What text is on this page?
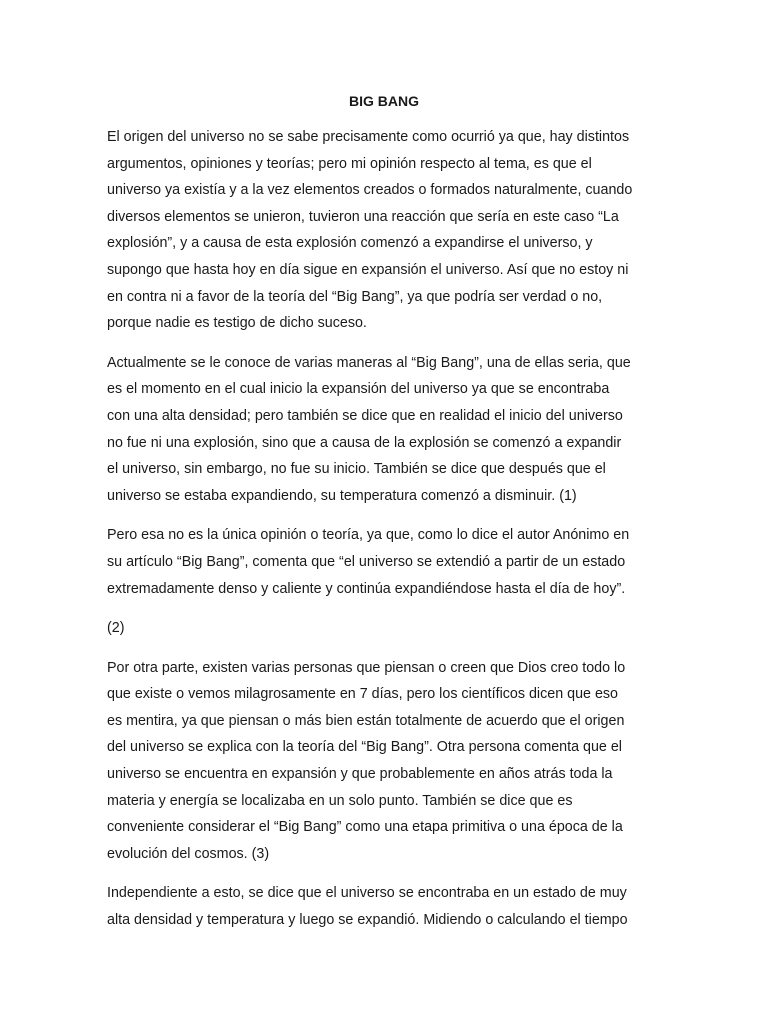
BIG BANG

El origen del universo no se sabe precisamente como ocurrió ya que, hay distintos
argumentos, opiniones y teorías; pero mi opinión respecto al tema, es que el
universo ya existía y a la vez elementos creados o formados naturalmente, cuando
diversos elementos se unieron, tuvieron una reacción que sería en este caso “La
explosión”, y a causa de esta explosión comenzó a expandirse el universo, y
supongo que hasta hoy en día sigue en expansión el universo. Así que no estoy ni
en contra ni a favor de la teoría del “Big Bang”, ya que podría ser verdad o no,
porque nadie es testigo de dicho suceso.

Actualmente se le conoce de varias maneras al “Big Bang”, una de ellas seria, que
es el momento en el cual inicio la expansión del universo ya que se encontraba
con una alta densidad; pero también se dice que en realidad el inicio del universo
no fue ni una explosión, sino que a causa de la explosión se comenzó a expandir
el universo, sin embargo, no fue su inicio. También se dice que después que el
universo se estaba expandiendo, su temperatura comenzó a disminuir. (1)

Pero esa no es la única opinión o teoría, ya que, como lo dice el autor Anónimo en
su artículo “Big Bang”, comenta que “el universo se extendió a partir de un estado
extremadamente denso y caliente y continúa expandiéndose hasta el día de hoy”.

(2)

Por otra parte, existen varias personas que piensan o creen que Dios creo todo lo
que existe o vemos milagrosamente en 7 días, pero los científicos dicen que eso
es mentira, ya que piensan o más bien están totalmente de acuerdo que el origen
del universo se explica con la teoría del “Big Bang”. Otra persona comenta que el
universo se encuentra en expansión y que probablemente en años atrás toda la
materia y energía se localizaba en un solo punto. También se dice que es
conveniente considerar el “Big Bang” como una etapa primitiva o una época de la
evolución del cosmos. (3)

Independiente a esto, se dice que el universo se encontraba en un estado de muy
alta densidad y temperatura y luego se expandió. Midiendo o calculando el tiempo
